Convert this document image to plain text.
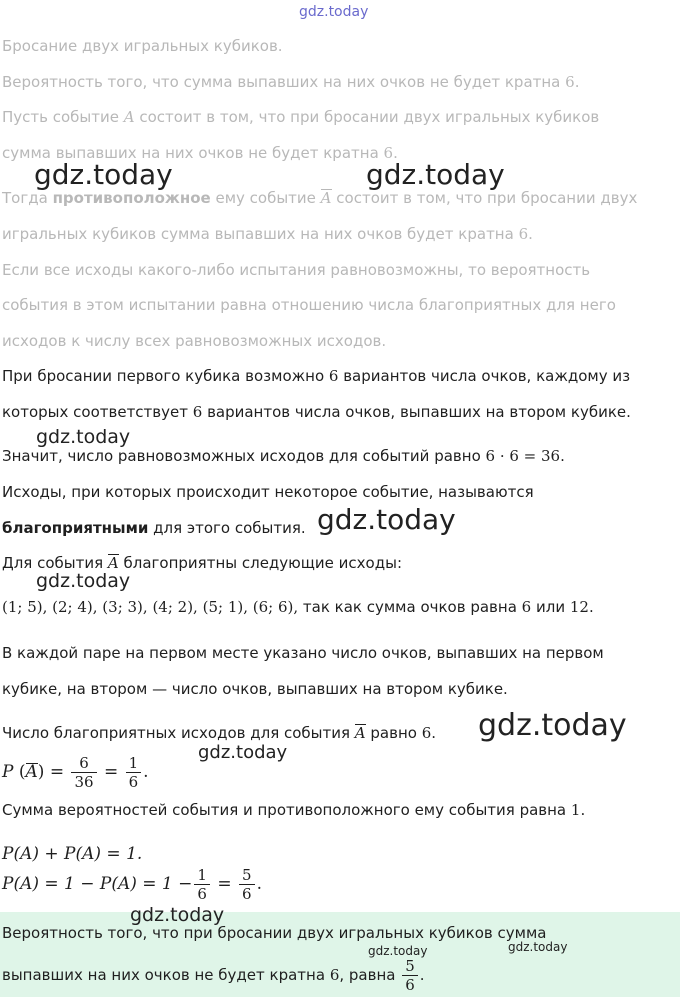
gdz.today
gdz.today	gdz.today
gdz.today
gdz.today
gdz.today
gdz.today
gdz.today
Бросание двух игральных кубиков.
Вероятность того, что сумма выпавших на них очков не будет кратна 6.
Пусть событие A состоит в том, что при бросании двух игральных кубиков
сумма выпавших на них очков не будет кратна 6.
Тогда противоположное ему событие A состоит в том, что при бросании двух
игральных кубиков сумма выпавших на них очков будет кратна 6.
Если все исходы какого-либо испытания равновозможны, то вероятность
события в этом испытании равна отношению числа благоприятных для него
исходов к числу всех равновозможных исходов.
При бросании первого кубика возможно 6 вариантов числа очков, каждому из
которых соответствует 6 вариантов числа очков, выпавших на втором кубике.
Значит, число равновозможных исходов для событий равно 6 · 6 = 36.
Исходы, при которых происходит некоторое событие, называются
благоприятными для этого события.
Для события A благоприятны следующие исходы:
(1; 5), (2; 4), (3; 3), (4; 2), (5; 1), (6; 6), так как сумма очков равна 6 или 12.
В каждой паре на первом месте указано число очков, выпавших на первом
кубике, на втором — число очков, выпавших на втором кубике.
Число благоприятных исходов для события A равно 6.
P $(A) = \frac{6}{36} = \frac{1}{6}$ .
Сумма вероятностей события и противоположного ему события равна 1.
P(A) + P(A) = 1.
$P(A) = 1 - P(A) = 1 - \frac{1}{6} = \frac{5}{6}$ .
gdz.today
gdz.today	gdz.today
Вероятность того, что при бросании двух игральных кубиков сумма
выпавших на них очков не будет кратна 6, равна $\frac{5}{6}$ .
